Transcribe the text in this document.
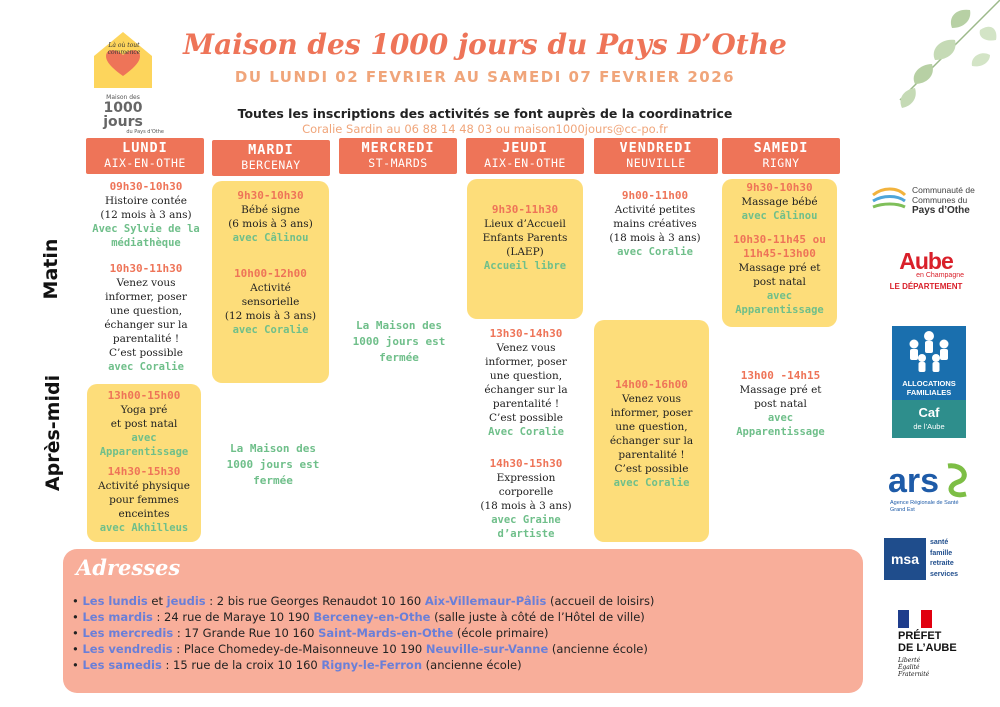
Là où tout commence
Maison des
1000 jours
du Pays d'Othe
Maison des 1000 jours du Pays D’Othe
DU LUNDI 02 FEVRIER AU SAMEDI 07 FEVRIER 2026
Toutes les inscriptions des activités se font auprès de la coordinatrice
Coralie Sardin au 06 88 14 48 03 ou maison1000jours@cc-po.fr
LUNDI
AIX-EN-OTHE
MARDI
BERCENAY
MERCREDI
ST-MARDS
JEUDI
AIX-EN-OTHE
VENDREDI
NEUVILLE
SAMEDI
RIGNY
Matin
Après-midi
09h30-10h30
Histoire contée
(12 mois à 3 ans)
Avec Sylvie de la médiathèque
10h30-11h30
Venez vous
informer, poser
une question,
échanger sur la
parentalité !
C’est possible
avec Coralie
13h00-15h00
Yoga pré
et post natal
avec Apparentissage
14h30-15h30
Activité physique
pour femmes
enceintes
avec Akhilleus
9h30-10h30
Bébé signe
(6 mois à 3 ans)
avec Câlinou
10h00-12h00
Activité
sensorielle
(12 mois à 3 ans)
avec Coralie
La Maison des 1000 jours est fermée
La Maison des 1000 jours est fermée
9h30-11h30
Lieux d’Accueil
Enfants Parents
(LAEP)
Accueil libre
13h30-14h30
Venez vous
informer, poser
une question,
échanger sur la
parentalité !
C’est possible
Avec Coralie
14h30-15h30
Expression
corporelle
(18 mois à 3 ans)
avec Graine d’artiste
9h00-11h00
Activité petites
mains créatives
(18 mois à 3 ans)
avec Coralie
14h00-16h00
Venez vous
informer, poser
une question,
échanger sur la
parentalité !
C’est possible
avec Coralie
9h30-10h30
Massage bébé
avec Câlinou
10h30-11h45 ou 11h45-13h00
Massage pré et
post natal
avec Apparentissage
13h00 -14h15
Massage pré et
post natal
avec Apparentissage
Adresses
• Les lundis et jeudis : 2 bis rue Georges Renaudot 10 160 Aix-Villemaur-Pâlis (accueil de loisirs)
• Les mardis : 24 rue de Maraye 10 190 Berceney-en-Othe (salle juste à côté de l’Hôtel de ville)
• Les mercredis : 17 Grande Rue 10 160 Saint-Mards-en-Othe (école primaire)
• Les vendredis : Place Chomedey-de-Maisonneuve 10 190 Neuville-sur-Vanne (ancienne école)
• Les samedis : 15 rue de la croix 10 160 Rigny-le-Ferron (ancienne école)
Communauté de
Communes du
Pays d’Othe
Aube
en Champagne
LE DÉPARTEMENT
ALLOCATIONS
FAMILIALES
Caf
de l’Aube
ars
Agence Régionale de Santé
Grand Est
msa
santé
famille
retraite
services
PRÉFET
DE L’AUBE
Liberté
Égalité
Fraternité
